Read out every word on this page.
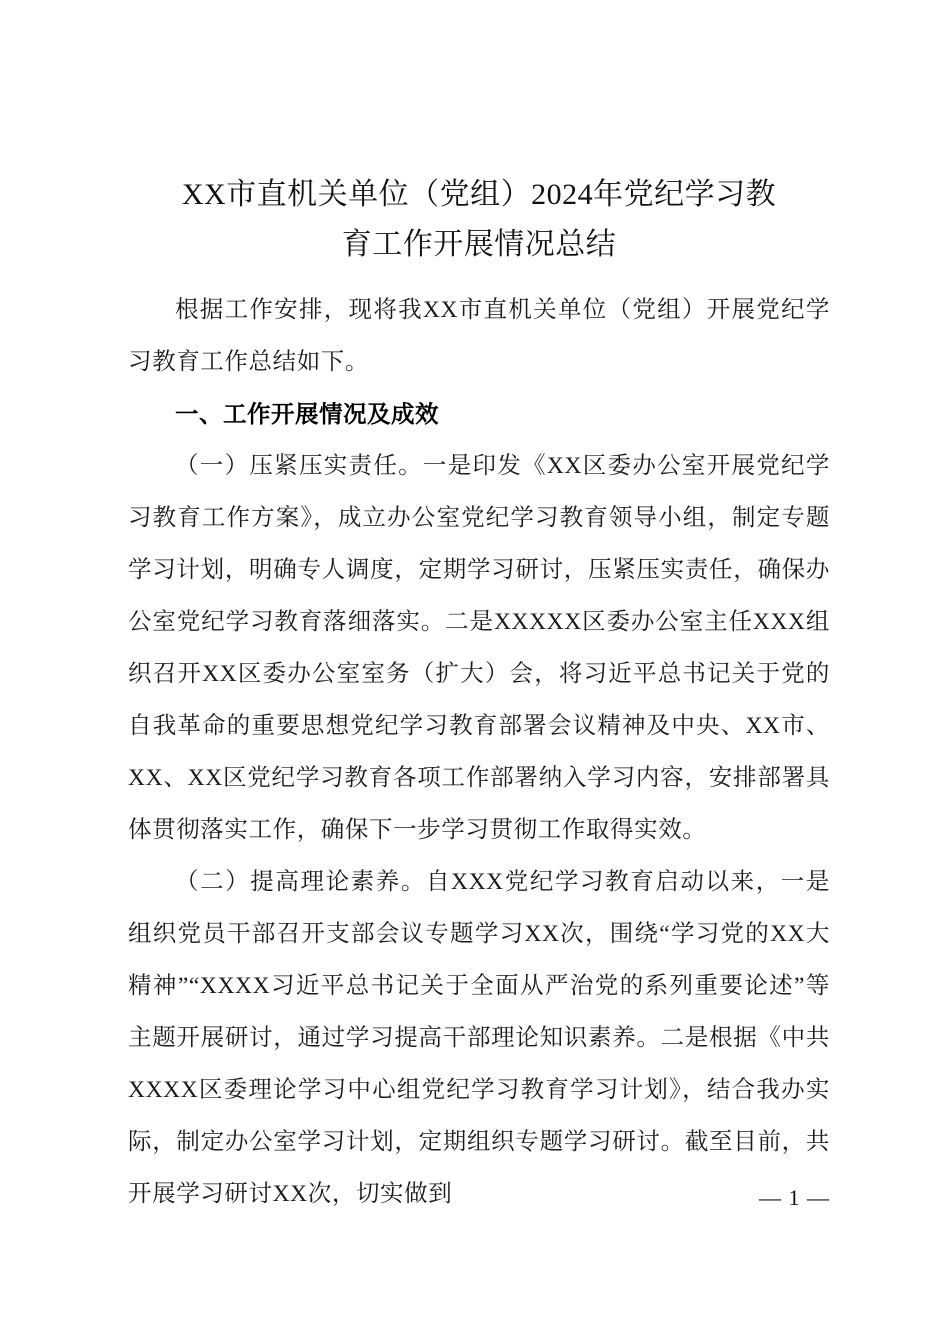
XX市直机关单位（党组）2024年党纪学习教
育工作开展情况总结

根据工作安排，现将我XX市直机关单位（党组）开展党纪学习教育工作总结如下。

一、工作开展情况及成效

（一）压紧压实责任。一是印发《XX区委办公室开展党纪学习教育工作方案》，成立办公室党纪学习教育领导小组，制定专题学习计划，明确专人调度，定期学习研讨，压紧压实责任，确保办公室党纪学习教育落细落实。二是XXXXX区委办公室主任XXX组织召开XX区委办公室室务（扩大）会，将习近平总书记关于党的自我革命的重要思想党纪学习教育部署会议精神及中央、XX市、XX、XX区党纪学习教育各项工作部署纳入学习内容，安排部署具体贯彻落实工作，确保下一步学习贯彻工作取得实效。

（二）提高理论素养。自XXX党纪学习教育启动以来，一是组织党员干部召开支部会议专题学习XX次，围绕“学习党的XX大精神”“XXXX习近平总书记关于全面从严治党的系列重要论述”等主题开展研讨，通过学习提高干部理论知识素养。二是根据《中共XXXX区委理论学习中心组党纪学习教育学习计划》，结合我办实际，制定办公室学习计划，定期组织专题学习研讨。截至目前，共开展学习研讨XX次，切实做到	— 1 —
